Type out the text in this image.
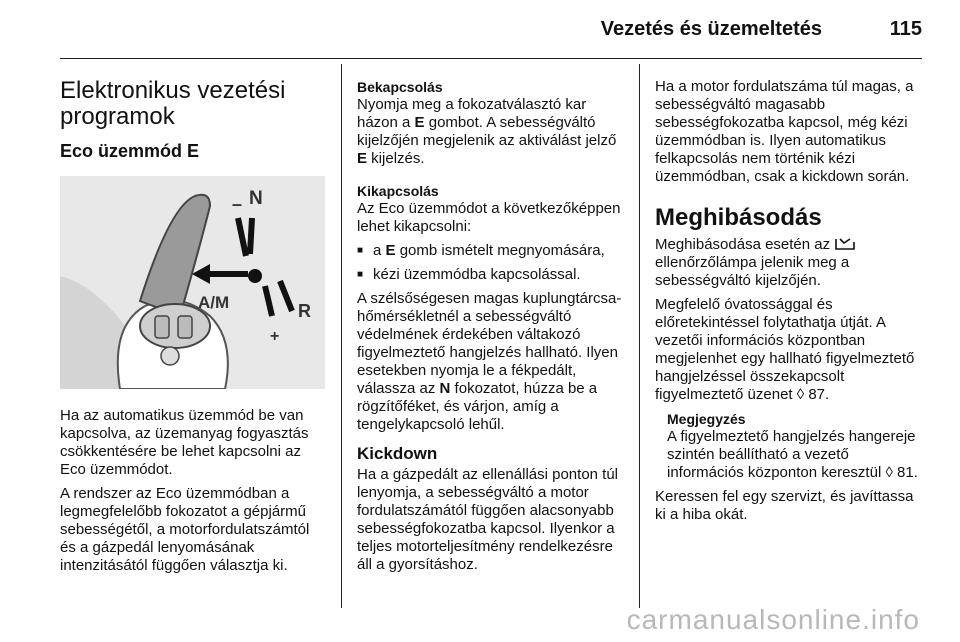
Vezetés és üzemeltetés	115
Elektronikus vezetési programok
Eco üzemmód E
– N
A/M
+
R

Ha az automatikus üzemmód be van kapcsolva, az üzemanyag fogyasztás csökkentésére be lehet kapcsolni az Eco üzemmódot.

A rendszer az Eco üzemmódban a legmegfelelőbb fokozatot a gépjármű sebességétől, a motorfordulatszámtól és a gázpedál lenyomásának intenzitásától függően választja ki.

Bekapcsolás

Nyomja meg a fokozatválasztó kar házon a E gombot. A sebességváltó kijelzőjén megjelenik az aktiválást jelző E kijelzés.

Kikapcsolás

Az Eco üzemmódot a következőképpen lehet kikapcsolni:

■ a E gomb ismételt megnyomására,

■ kézi üzemmódba kapcsolással.

A szélsőségesen magas kuplungtárcsa-hőmérsékletnél a sebességváltó védelmének érdekében váltakozó figyelmeztető hangjelzés hallható. Ilyen esetekben nyomja le a fékpedált, válassza az N fokozatot, húzza be a rögzítőféket, és várjon, amíg a tengelykapcsoló lehűl.

Kickdown

Ha a gázpedált az ellenállási ponton túl lenyomja, a sebességváltó a motor fordulatszámától függően alacsonyabb sebességfokozatba kapcsol. Ilyenkor a teljes motorteljesítmény rendelkezésre áll a gyorsításhoz.

Ha a motor fordulatszáma túl magas, a sebességváltó magasabb sebességfokozatba kapcsol, még kézi üzemmódban is. Ilyen automatikus felkapcsolás nem történik kézi üzemmódban, csak a kickdown során.

Meghibásodás

Meghibásodása esetén az  ellenőrzőlámpa jelenik meg a sebességváltó kijelzőjén.

Megfelelő óvatossággal és előretekintéssel folytathatja útját. A vezetői információs központban megjelenhet egy hallható figyelmeztető hangjelzéssel összekapcsolt figyelmeztető üzenet ◊ 87.

Megjegyzés

A figyelmeztető hangjelzés hangereje szintén beállítható a vezető információs központon keresztül ◊ 81.

Keressen fel egy szervizt, és javíttassa ki a hiba okát.

carmanualsonline.info
